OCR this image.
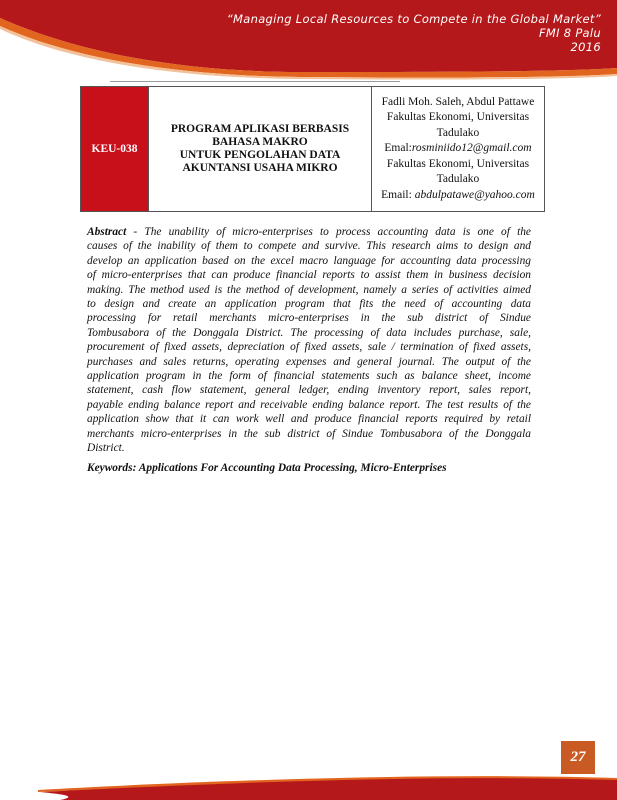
“Managing Local Resources to Compete in the Global Market”
FMI 8 Palu
2016
KEU-038
PROGRAM APLIKASI BERBASIS
BAHASA MAKRO
UNTUK PENGOLAHAN DATA
AKUNTANSI USAHA MIKRO
Fadli Moh. Saleh, Abdul Pattawe
Fakultas Ekonomi, Universitas
Tadulako
Emal:rosminiido12@gmail.com
Fakultas Ekonomi, Universitas
Tadulako
Email: abdulpatawe@yahoo.com
Abstract - The unability of micro-enterprises to process accounting data is one of the
causes of the inability of them to compete and survive. This research aims to design and
develop an application based on the excel macro language for accounting data processing
of micro-enterprises that can produce financial reports to assist them in business decision
making. The method used is the method of development, namely a series of activities aimed
to design and create an application program that fits the need of accounting data
processing for retail merchants micro-enterprises in the sub district of Sindue
Tombusabora of the Donggala District. The processing of data includes purchase, sale,
procurement of fixed assets, depreciation of fixed assets, sale / termination of fixed assets,
purchases and sales returns, operating expenses and general journal. The output of the
application program in the form of financial statements such as balance sheet, income
statement, cash flow statement, general ledger, ending inventory report, sales report,
payable ending balance report and receivable ending balance report. The test results of the
application show that it can work well and produce financial reports required by retail
merchants micro-enterprises in the sub district of Sindue Tombusabora of the Donggala
District.
Keywords: Applications For Accounting Data Processing, Micro-Enterprises
27
